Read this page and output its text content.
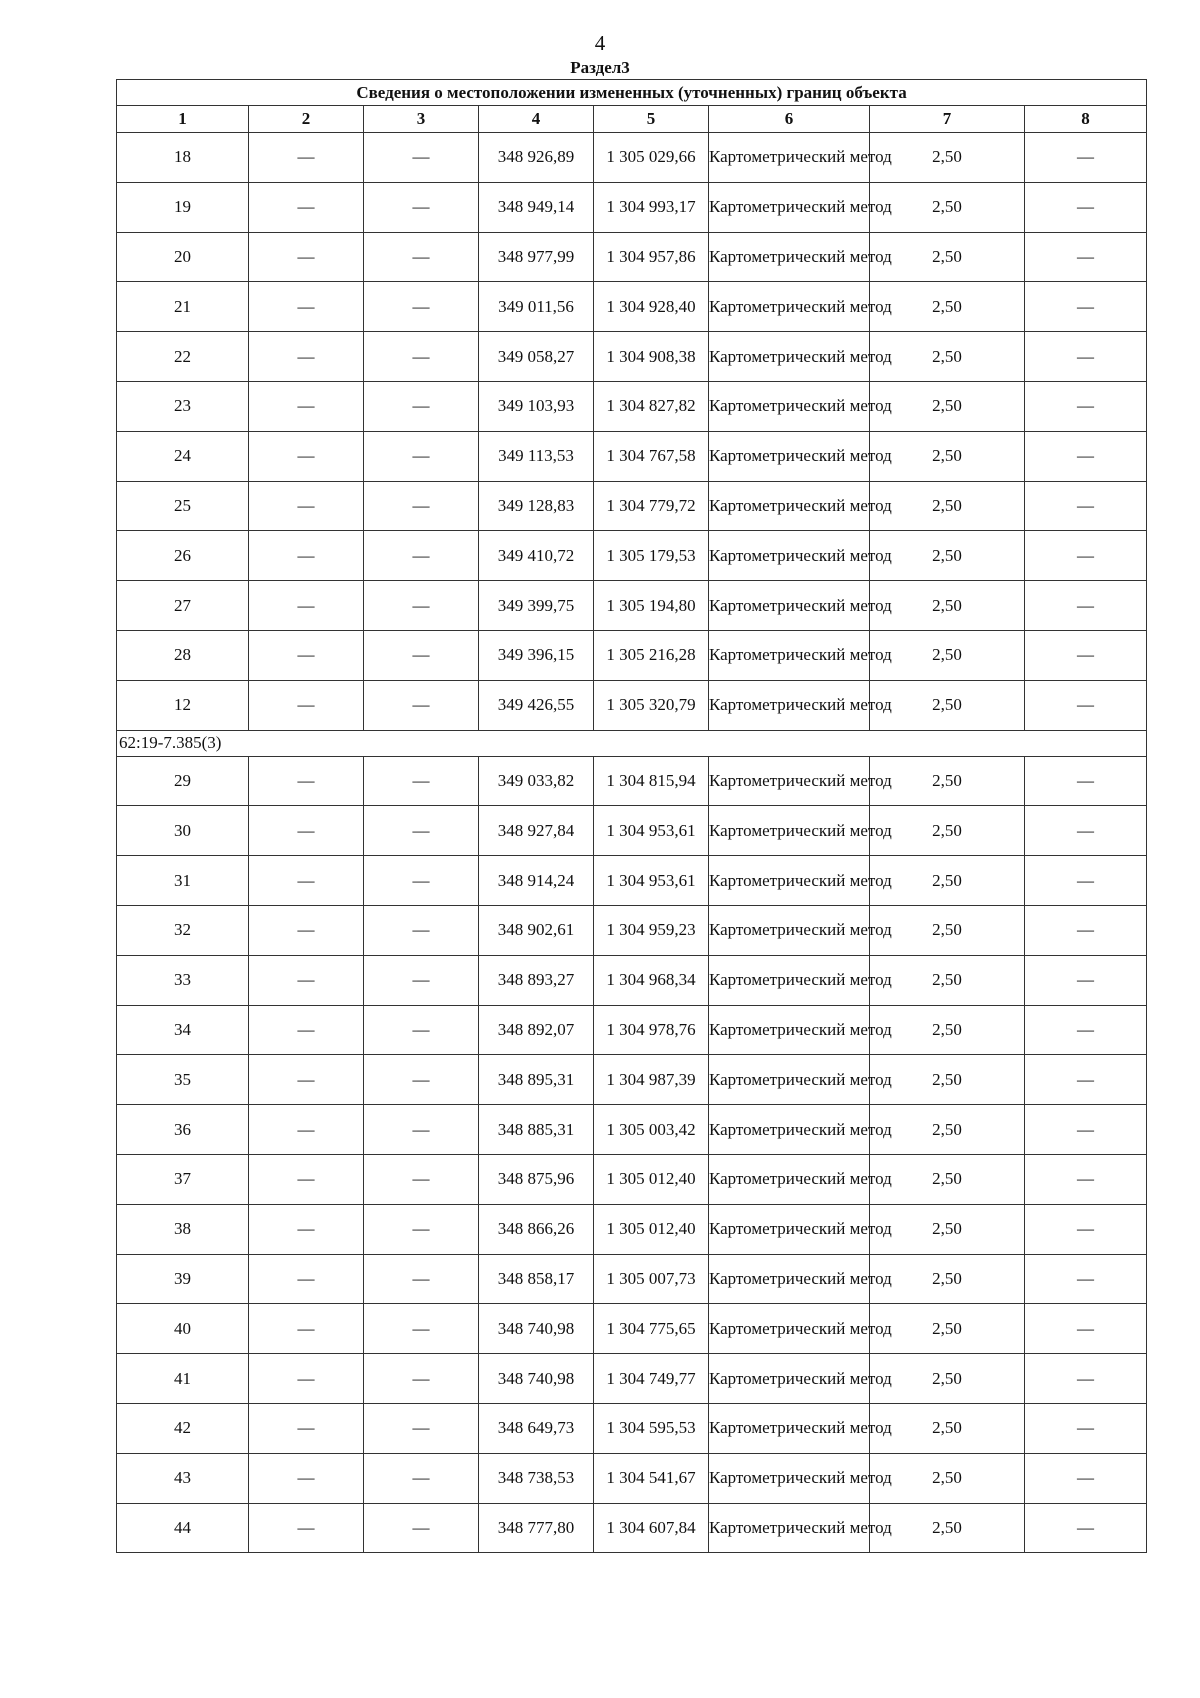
4
Раздел3
Сведения о местоположении измененных (уточненных) границ объекта							
1	2	3	4	5	6	7	8
18	—	—	348 926,89	1 305 029,66	Картометрический метод	2,50	—
19	—	—	348 949,14	1 304 993,17	Картометрический метод	2,50	—
20	—	—	348 977,99	1 304 957,86	Картометрический метод	2,50	—
21	—	—	349 011,56	1 304 928,40	Картометрический метод	2,50	—
22	—	—	349 058,27	1 304 908,38	Картометрический метод	2,50	—
23	—	—	349 103,93	1 304 827,82	Картометрический метод	2,50	—
24	—	—	349 113,53	1 304 767,58	Картометрический метод	2,50	—
25	—	—	349 128,83	1 304 779,72	Картометрический метод	2,50	—
26	—	—	349 410,72	1 305 179,53	Картометрический метод	2,50	—
27	—	—	349 399,75	1 305 194,80	Картометрический метод	2,50	—
28	—	—	349 396,15	1 305 216,28	Картометрический метод	2,50	—
12	—	—	349 426,55	1 305 320,79	Картометрический метод	2,50	—
62:19-7.385(3)							
29	—	—	349 033,82	1 304 815,94	Картометрический метод	2,50	—
30	—	—	348 927,84	1 304 953,61	Картометрический метод	2,50	—
31	—	—	348 914,24	1 304 953,61	Картометрический метод	2,50	—
32	—	—	348 902,61	1 304 959,23	Картометрический метод	2,50	—
33	—	—	348 893,27	1 304 968,34	Картометрический метод	2,50	—
34	—	—	348 892,07	1 304 978,76	Картометрический метод	2,50	—
35	—	—	348 895,31	1 304 987,39	Картометрический метод	2,50	—
36	—	—	348 885,31	1 305 003,42	Картометрический метод	2,50	—
37	—	—	348 875,96	1 305 012,40	Картометрический метод	2,50	—
38	—	—	348 866,26	1 305 012,40	Картометрический метод	2,50	—
39	—	—	348 858,17	1 305 007,73	Картометрический метод	2,50	—
40	—	—	348 740,98	1 304 775,65	Картометрический метод	2,50	—
41	—	—	348 740,98	1 304 749,77	Картометрический метод	2,50	—
42	—	—	348 649,73	1 304 595,53	Картометрический метод	2,50	—
43	—	—	348 738,53	1 304 541,67	Картометрический метод	2,50	—
44	—	—	348 777,80	1 304 607,84	Картометрический метод	2,50	—
